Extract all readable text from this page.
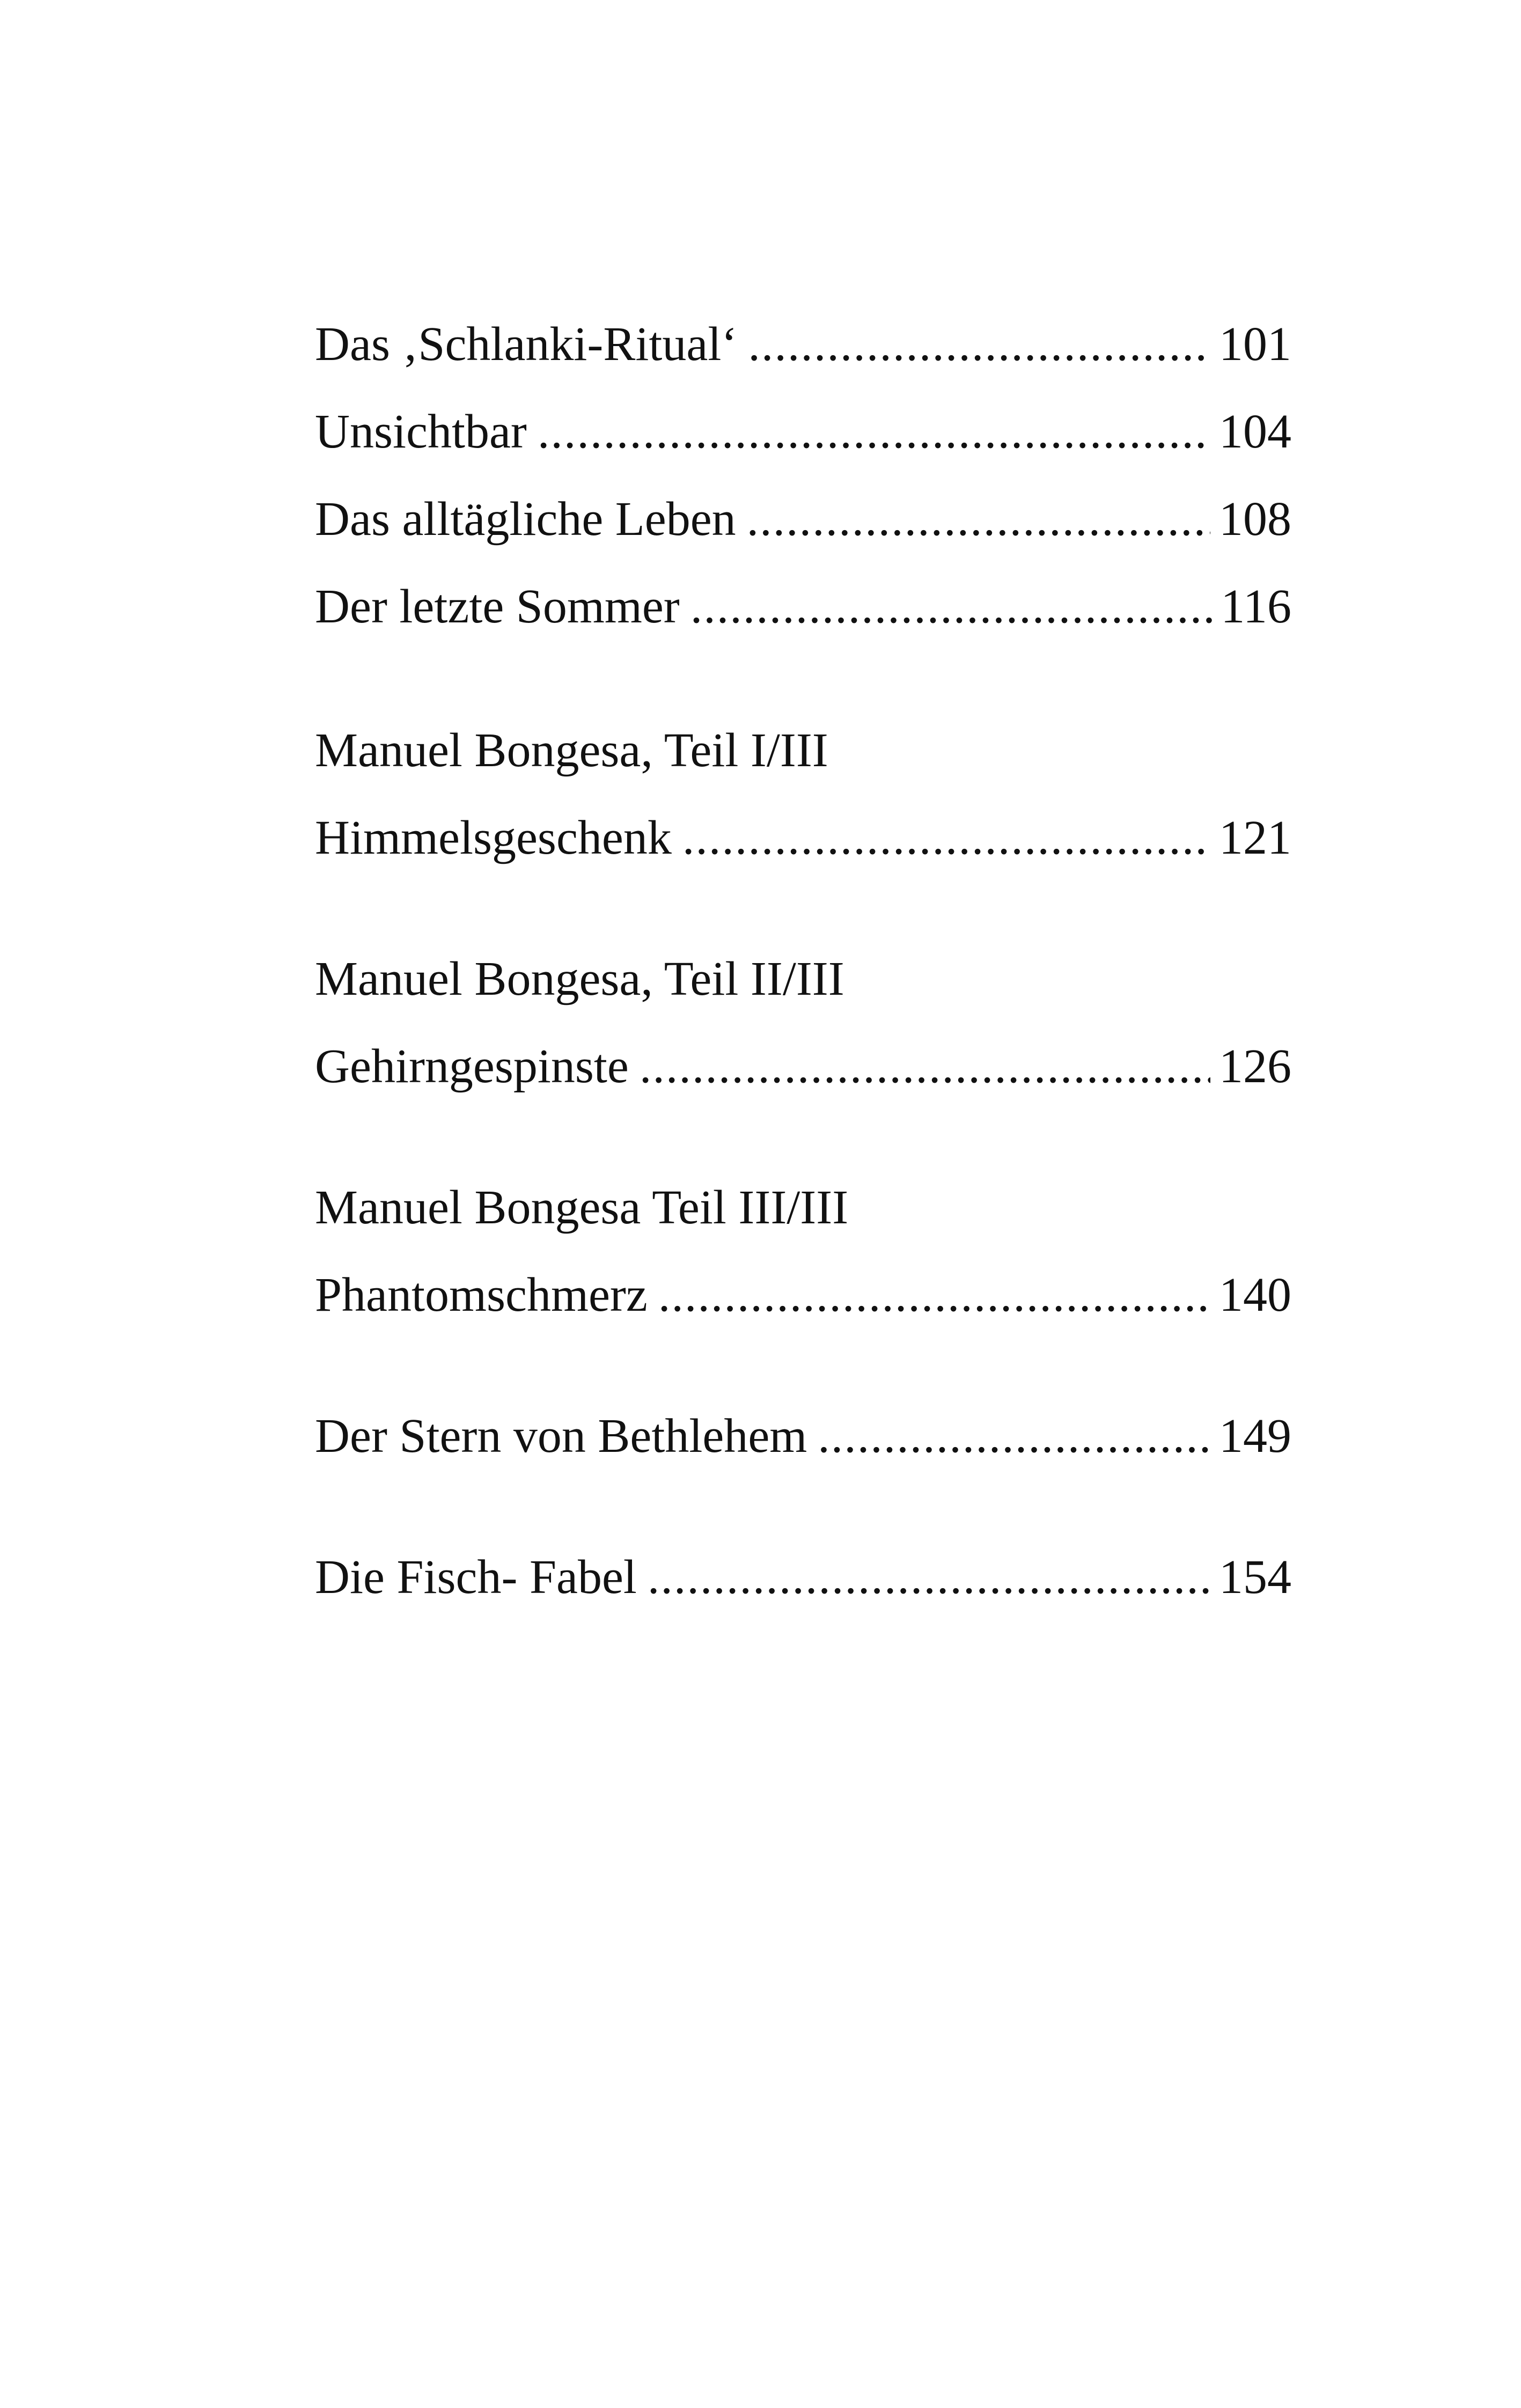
Das ‚Schlanki-Ritual‘ .....	101
Unsichtbar .....	104
Das alltägliche Leben .....	108
Der letzte Sommer .....	116
Manuel Bongesa, Teil I/III
Himmelsgeschenk .....	121
Manuel Bongesa, Teil II/III
Gehirngespinste .....	126
Manuel Bongesa Teil III/III
Phantomschmerz .....	140
Der Stern von Bethlehem .....	149
Die Fisch- Fabel .....	154
